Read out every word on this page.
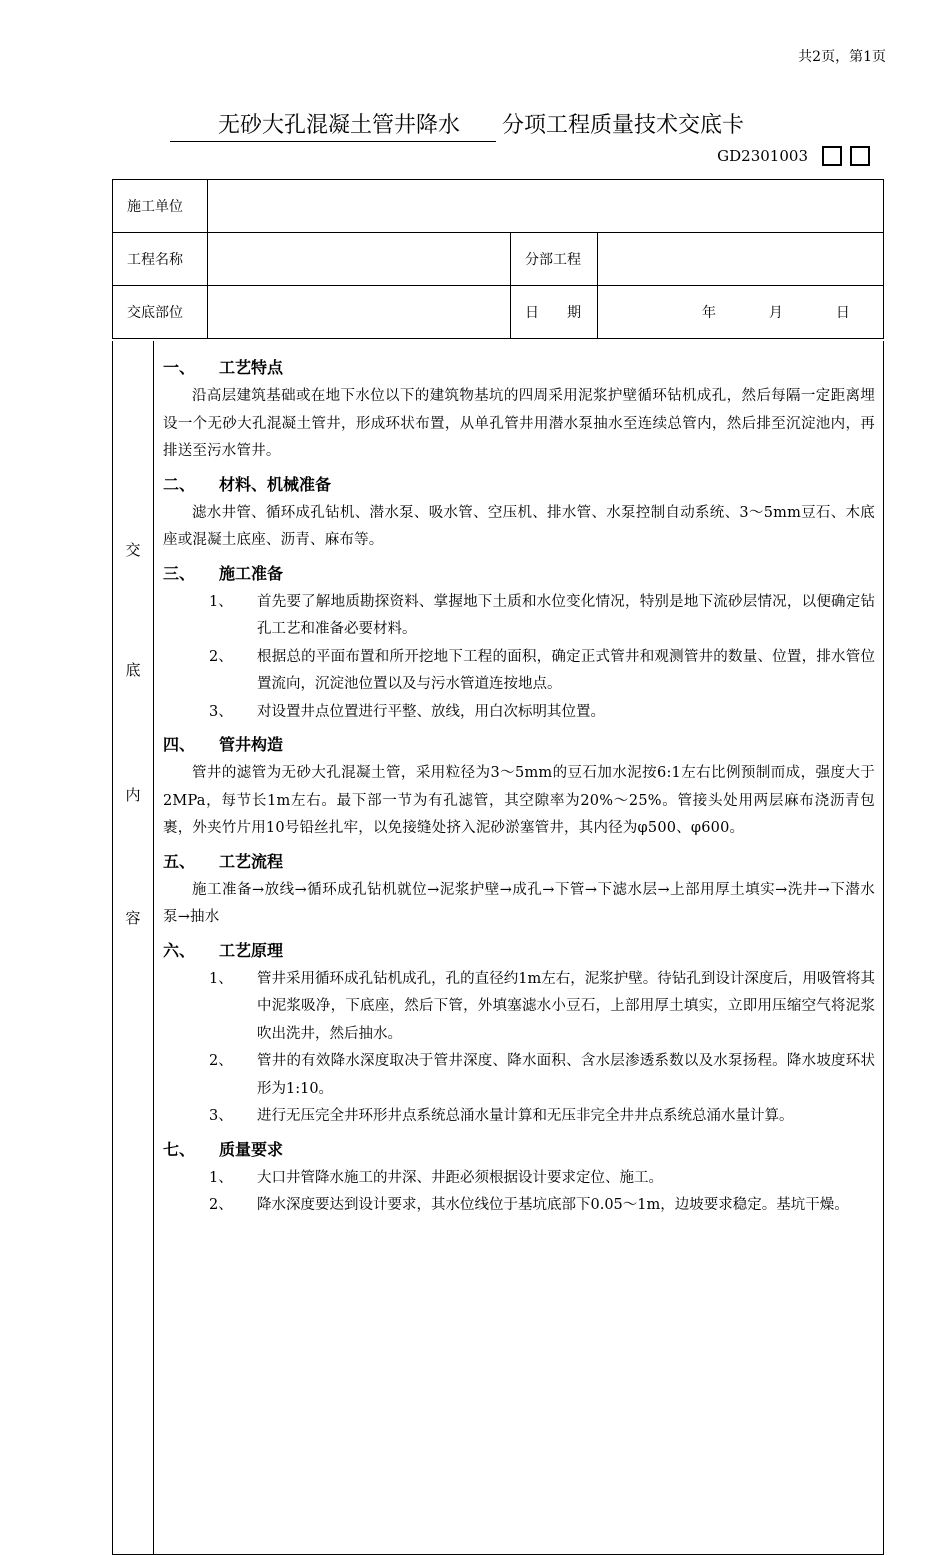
共2页，第1页
无砂大孔混凝土管井降水 分项工程质量技术交底卡
GD2301003
施工单位			
工程名称		分部工程	
交底部位		日　　期	年 月 日
交
底
内
容
一、 工艺特点
沿高层建筑基础或在地下水位以下的建筑物基坑的四周采用泥浆护壁循环钻机成孔，然后每隔一定距离埋设一个无砂大孔混凝土管井，形成环状布置，从单孔管井用潜水泵抽水至连续总管内，然后排至沉淀池内，再排送至污水管井。
二、 材料、机械准备
滤水井管、循环成孔钻机、潜水泵、吸水管、空压机、排水管、水泵控制自动系统、3～5mm豆石、木底座或混凝土底座、沥青、麻布等。
三、 施工准备
1、	首先要了解地质勘探资料、掌握地下土质和水位变化情况，特别是地下流砂层情况，以便确定钻孔工艺和准备必要材料。
2、	根据总的平面布置和所开挖地下工程的面积，确定正式管井和观测管井的数量、位置，排水管位置流向，沉淀池位置以及与污水管道连按地点。
3、	对设置井点位置进行平整、放线，用白次标明其位置。
四、 管井构造
管井的滤管为无砂大孔混凝土管，采用粒径为3～5mm的豆石加水泥按6:1左右比例预制而成，强度大于2MPa，每节长1m左右。最下部一节为有孔滤管，其空隙率为20%～25%。管接头处用两层麻布浇沥青包裹，外夹竹片用10号铅丝扎牢，以免接缝处挤入泥砂淤塞管井，其内径为φ500、φ600。
五、 工艺流程
施工准备→放线→循环成孔钻机就位→泥浆护壁→成孔→下管→下滤水层→上部用厚土填实→洗井→下潜水泵→抽水
六、 工艺原理
1、	管井采用循环成孔钻机成孔，孔的直径约1m左右，泥浆护壁。待钻孔到设计深度后，用吸管将其中泥浆吸净，下底座，然后下管，外填塞滤水小豆石，上部用厚土填实，立即用压缩空气将泥浆吹出洗井，然后抽水。
2、	管井的有效降水深度取决于管井深度、降水面积、含水层渗透系数以及水泵扬程。降水坡度环状形为1:10。
3、	进行无压完全井环形井点系统总涌水量计算和无压非完全井井点系统总涌水量计算。
七、 质量要求
1、	大口井管降水施工的井深、井距必须根据设计要求定位、施工。
2、	降水深度要达到设计要求，其水位线位于基坑底部下0.05～1m，边坡要求稳定。基坑干燥。
